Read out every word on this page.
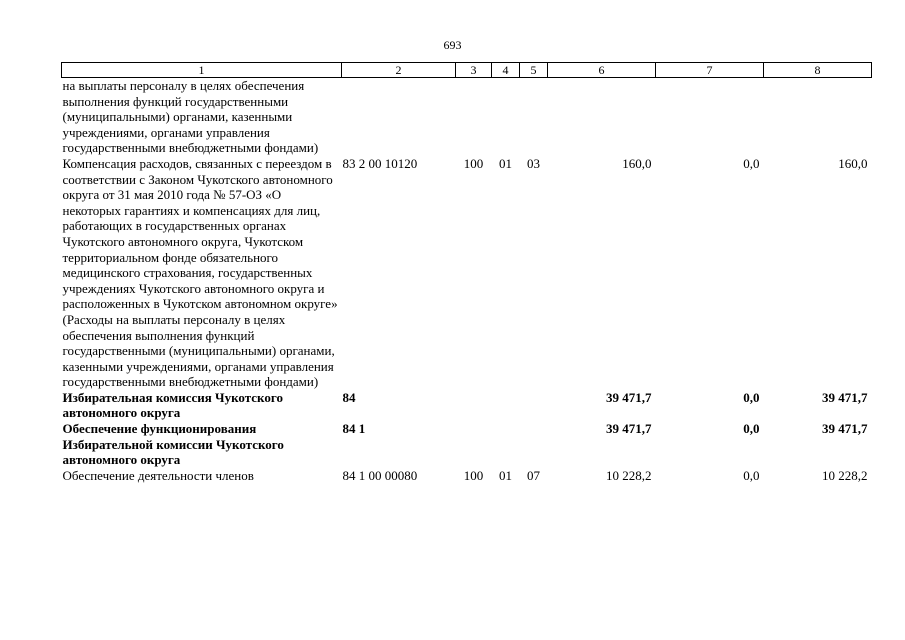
693
1	2	3	4	5	6	7	8
на выплаты персоналу в целях обеспечения выполнения функций государственными (муниципальными) органами, казенными учреждениями, органами управления государственными внебюджетными фондами)							
Компенсация расходов, связанных с переездом в соответствии с Законом Чукотского автономного округа от 31 мая 2010 года № 57-ОЗ «О некоторых гарантиях и компенсациях для лиц, работающих в государственных органах Чукотского автономного округа, Чукотском территориальном фонде обязательного медицинского страхования, государственных учреждениях Чукотского автономного округа и расположенных в Чукотском автономном округе» (Расходы на выплаты персоналу в целях обеспечения выполнения функций государственными (муниципальными) органами, казенными учреждениями, органами управления государственными внебюджетными фондами)	83 2 00 10120	100	01	03	160,0	0,0	160,0
Избирательная комиссия Чукотского автономного округа	84				39 471,7	0,0	39 471,7
Обеспечение функционирования Избирательной комиссии Чукотского автономного округа	84 1				39 471,7	0,0	39 471,7
Обеспечение деятельности членов	84 1 00 00080	100	01	07	10 228,2	0,0	10 228,2
